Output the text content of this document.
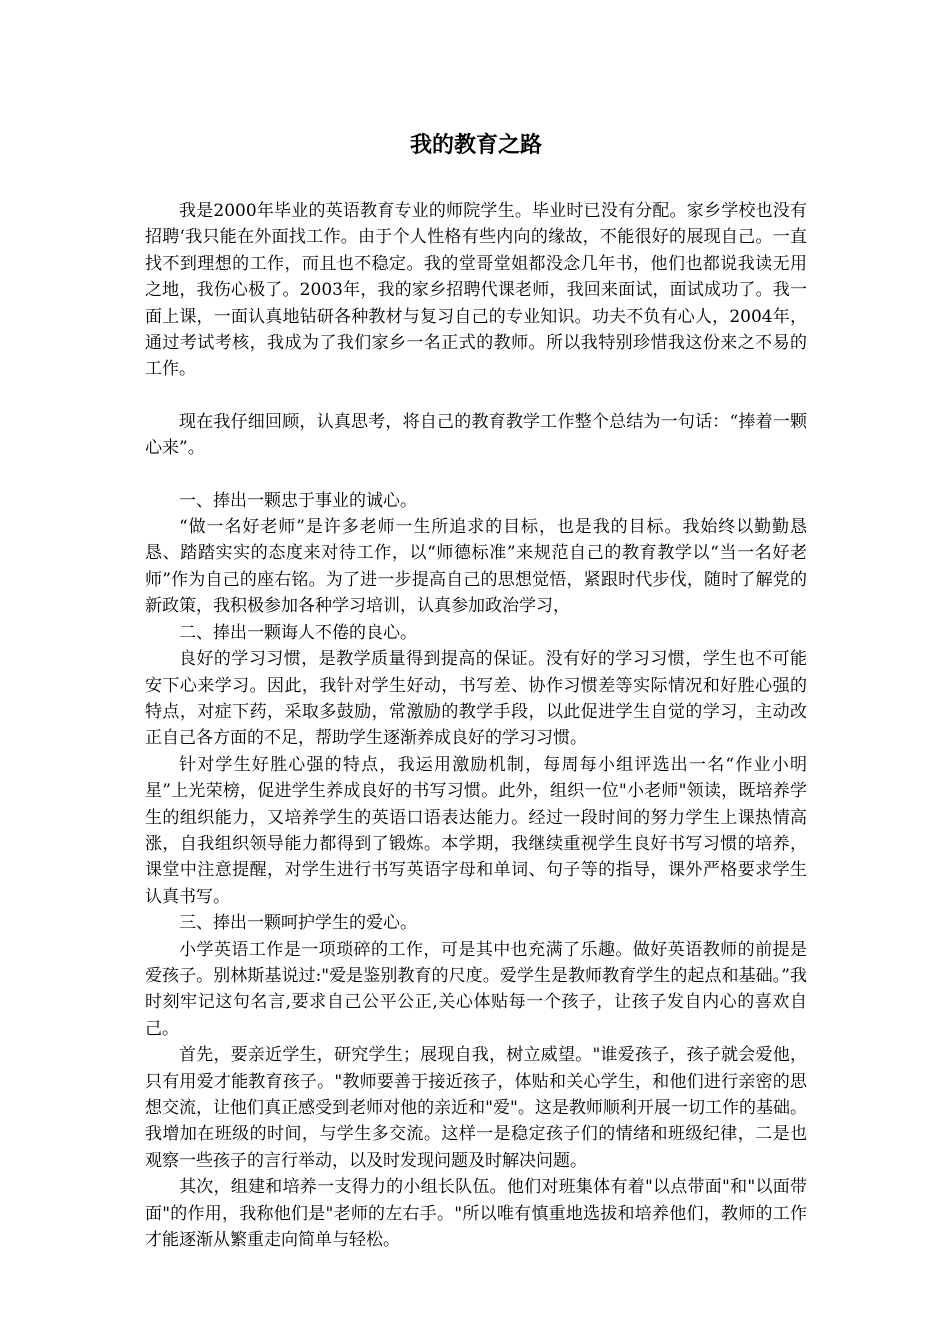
我的教育之路

我是2000年毕业的英语教育专业的师院学生。毕业时已没有分配。家乡学校也没有招聘‘我只能在外面找工作。由于个人性格有些内向的缘故，不能很好的展现自己。一直找不到理想的工作，而且也不稳定。我的堂哥堂姐都没念几年书，他们也都说我读无用之地，我伤心极了。2003年，我的家乡招聘代课老师，我回来面试，面试成功了。我一面上课，一面认真地钻研各种教材与复习自己的专业知识。功夫不负有心人，2004年，通过考试考核，我成为了我们家乡一名正式的教师。所以我特别珍惜我这份来之不易的工作。

现在我仔细回顾，认真思考，将自己的教育教学工作整个总结为一句话：“捧着一颗心来”。

一、捧出一颗忠于事业的诚心。

“做一名好老师”是许多老师一生所追求的目标，也是我的目标。我始终以勤勤恳恳、踏踏实实的态度来对待工作，以“师德标准”来规范自己的教育教学以“当一名好老师”作为自己的座右铭。为了进一步提高自己的思想觉悟，紧跟时代步伐，随时了解党的新政策，我积极参加各种学习培训，认真参加政治学习，

二、捧出一颗诲人不倦的良心。

良好的学习习惯，是教学质量得到提高的保证。没有好的学习习惯，学生也不可能安下心来学习。因此，我针对学生好动，书写差、协作习惯差等实际情况和好胜心强的特点，对症下药，采取多鼓励，常激励的教学手段，以此促进学生自觉的学习，主动改正自己各方面的不足，帮助学生逐渐养成良好的学习习惯。

针对学生好胜心强的特点，我运用激励机制，每周每小组评选出一名“作业小明星”上光荣榜，促进学生养成良好的书写习惯。此外，组织一位"小老师"领读，既培养学生的组织能力，又培养学生的英语口语表达能力。经过一段时间的努力学生上课热情高涨，自我组织领导能力都得到了锻炼。本学期，我继续重视学生良好书写习惯的培养，课堂中注意提醒，对学生进行书写英语字母和单词、句子等的指导，课外严格要求学生认真书写。

三、捧出一颗呵护学生的爱心。

小学英语工作是一项琐碎的工作，可是其中也充满了乐趣。做好英语教师的前提是爱孩子。别林斯基说过:"爱是鉴别教育的尺度。爱学生是教师教育学生的起点和基础。”我时刻牢记这句名言,要求自己公平公正,关心体贴每一个孩子，让孩子发自内心的喜欢自己。

首先，要亲近学生，研究学生；展现自我，树立威望。"谁爱孩子，孩子就会爱他，只有用爱才能教育孩子。"教师要善于接近孩子，体贴和关心学生，和他们进行亲密的思想交流，让他们真正感受到老师对他的亲近和"爱"。这是教师顺利开展一切工作的基础。我增加在班级的时间，与学生多交流。这样一是稳定孩子们的情绪和班级纪律，二是也观察一些孩子的言行举动，以及时发现问题及时解决问题。

其次，组建和培养一支得力的小组长队伍。他们对班集体有着"以点带面"和"以面带面"的作用，我称他们是"老师的左右手。"所以唯有慎重地选拔和培养他们，教师的工作才能逐渐从繁重走向简单与轻松。
